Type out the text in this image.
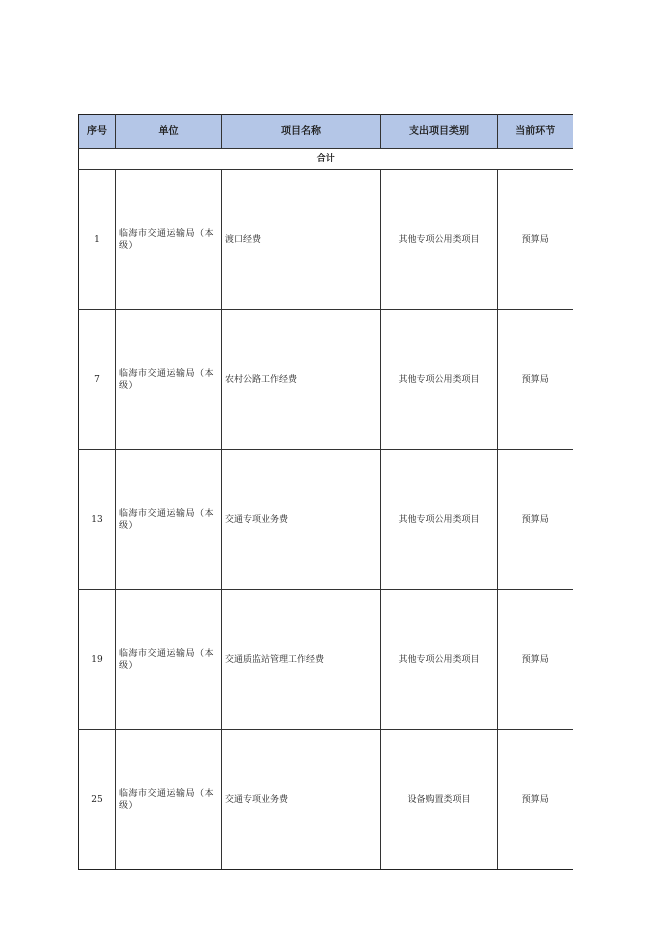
序号	单位	项目名称	支出项目类别	当前环节
合计				
1	临海市交通运输局（本级）	渡口经费	其他专项公用类项目	预算局
7	临海市交通运输局（本级）	农村公路工作经费	其他专项公用类项目	预算局
13	临海市交通运输局（本级）	交通专项业务费	其他专项公用类项目	预算局
19	临海市交通运输局（本级）	交通质监站管理工作经费	其他专项公用类项目	预算局
25	临海市交通运输局（本级）	交通专项业务费	设备购置类项目	预算局
